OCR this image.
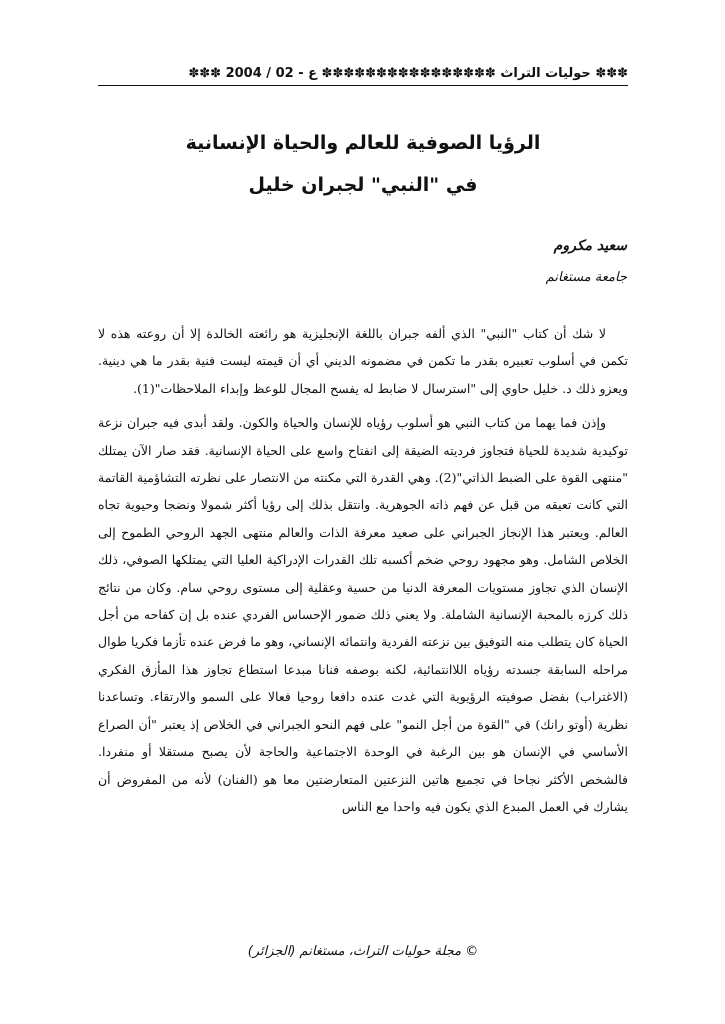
✽✽✽ حوليات التراث ✽✽✽✽✽✽✽✽✽✽✽✽✽✽✽✽ ع - 02 / 2004 ✽✽✽
الرؤيا الصوفية للعالم والحياة الإنسانية
في "النبي" لجبران خليل
سعيد مكروم
جامعة مستغانم

لا شك أن كتاب "النبي" الذي ألفه جبران باللغة الإنجليزية هو رائعته الخالدة إلا أن روعته هذه لا تكمن في أسلوب تعبيره بقدر ما تكمن في مضمونه الديني أي أن قيمته ليست فنية بقدر ما هي دينية. ويعزو ذلك د. خليل حاوي إلى "استرسال لا ضابط له يفسح المجال للوعظ وإبداء الملاحظات"(1).

وإذن فما يهما من كتاب النبي هو أسلوب رؤياه للإنسان والحياة والكون. ولقد أبدى فيه جبران نزعة توكيدية شديدة للحياة فتجاوز فرديته الضيقة إلى انفتاح واسع على الحياة الإنسانية. فقد صار الآن يمتلك "منتهى القوة على الضبط الذاتي"(2). وهي القدرة التي مكنته من الانتصار على نظرته التشاؤمية القاتمة التي كانت تعيقه من قبل عن فهم ذاته الجوهرية. وانتقل بذلك إلى رؤيا أكثر شمولا ونضجا وحيوية تجاه العالم. ويعتبر هذا الإنجاز الجبراني على صعيد معرفة الذات والعالم منتهى الجهد الروحي الطموح إلى الخلاص الشامل. وهو مجهود روحي ضخم أكسبه تلك القدرات الإدراكية العليا التي يمتلكها الصوفي، ذلك الإنسان الذي تجاوز مستويات المعرفة الدنيا من حسية وعقلية إلى مستوى روحي سام. وكان من نتائج ذلك كرزه بالمحبة الإنسانية الشاملة. ولا يعني ذلك ضمور الإحساس الفردي عنده بل إن كفاحه من أجل الحياة كان يتطلب منه التوفيق بين نزعته الفردية وانتمائه الإنساني، وهو ما فرض عنده تأزما فكريا طوال مراحله السابقة جسدته رؤياه اللاانتمائية، لكنه بوصفه فنانا مبدعا استطاع تجاوز هذا المأزق الفكري (الاغتراب) بفضل صوفيته الرؤيوية التي غدت عنده دافعا روحيا فعالا على السمو والارتقاء. وتساعدنا نظرية (أوتو رانك) في "القوة من أجل النمو" على فهم النحو الجبراني في الخلاص إذ يعتبر "أن الصراع الأساسي في الإنسان هو بين الرغبة في الوحدة الاجتماعية والحاجة لأن يصبح مستقلا أو منفردا. فالشخص الأكثر نجاحا في تجميع هاتين النزعتين المتعارضتين معا هو (الفنان) لأنه من المفروض أن يشارك في العمل المبدع الذي يكون فيه واحدا مع الناس

© مجلة حوليات التراث، مستغانم (الجزائر)
